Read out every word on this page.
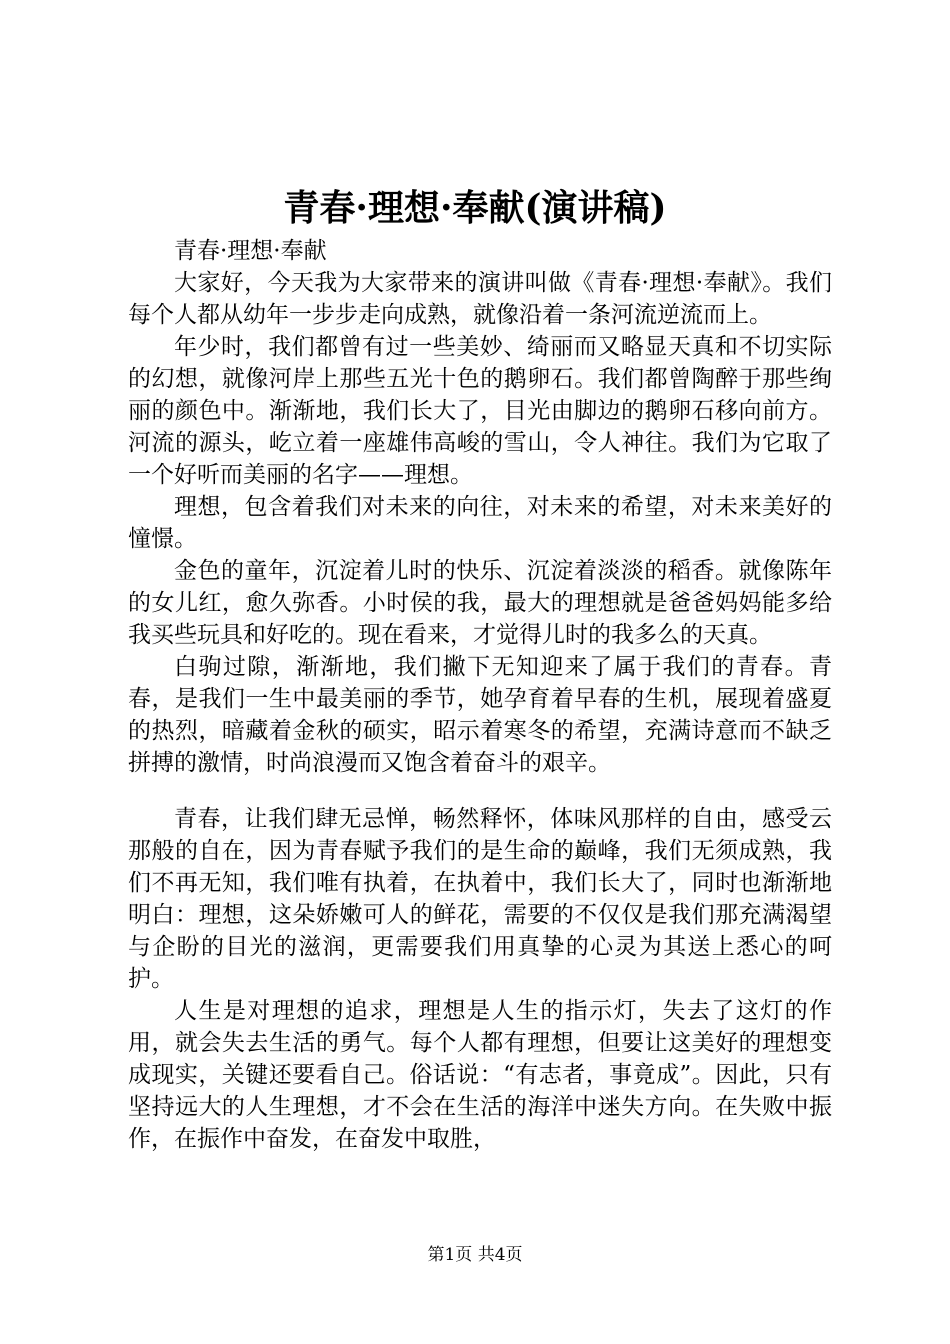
青春·理想·奉献(演讲稿)

青春·理想·奉献

大家好，今天我为大家带来的演讲叫做《青春·理想·奉献》。我们每个人都从幼年一步步走向成熟，就像沿着一条河流逆流而上。

年少时，我们都曾有过一些美妙、绮丽而又略显天真和不切实际的幻想，就像河岸上那些五光十色的鹅卵石。我们都曾陶醉于那些绚丽的颜色中。渐渐地，我们长大了，目光由脚边的鹅卵石移向前方。河流的源头，屹立着一座雄伟高峻的雪山，令人神往。我们为它取了一个好听而美丽的名字——理想。

理想，包含着我们对未来的向往，对未来的希望，对未来美好的憧憬。

金色的童年，沉淀着儿时的快乐、沉淀着淡淡的稻香。就像陈年的女儿红，愈久弥香。小时侯的我，最大的理想就是爸爸妈妈能多给我买些玩具和好吃的。现在看来，才觉得儿时的我多么的天真。

白驹过隙，渐渐地，我们撇下无知迎来了属于我们的青春。青春，是我们一生中最美丽的季节，她孕育着早春的生机，展现着盛夏的热烈，暗藏着金秋的硕实，昭示着寒冬的希望，充满诗意而不缺乏拼搏的激情，时尚浪漫而又饱含着奋斗的艰辛。

青春，让我们肆无忌惮，畅然释怀，体味风那样的自由，感受云那般的自在，因为青春赋予我们的是生命的巅峰，我们无须成熟，我们不再无知，我们唯有执着，在执着中，我们长大了，同时也渐渐地明白：理想，这朵娇嫩可人的鲜花，需要的不仅仅是我们那充满渴望与企盼的目光的滋润，更需要我们用真挚的心灵为其送上悉心的呵护。

人生是对理想的追求，理想是人生的指示灯，失去了这灯的作用，就会失去生活的勇气。每个人都有理想，但要让这美好的理想变成现实，关键还要看自己。俗话说：“有志者，事竟成”。因此，只有坚持远大的人生理想，才不会在生活的海洋中迷失方向。在失败中振作，在振作中奋发，在奋发中取胜，

第1页 共4页
